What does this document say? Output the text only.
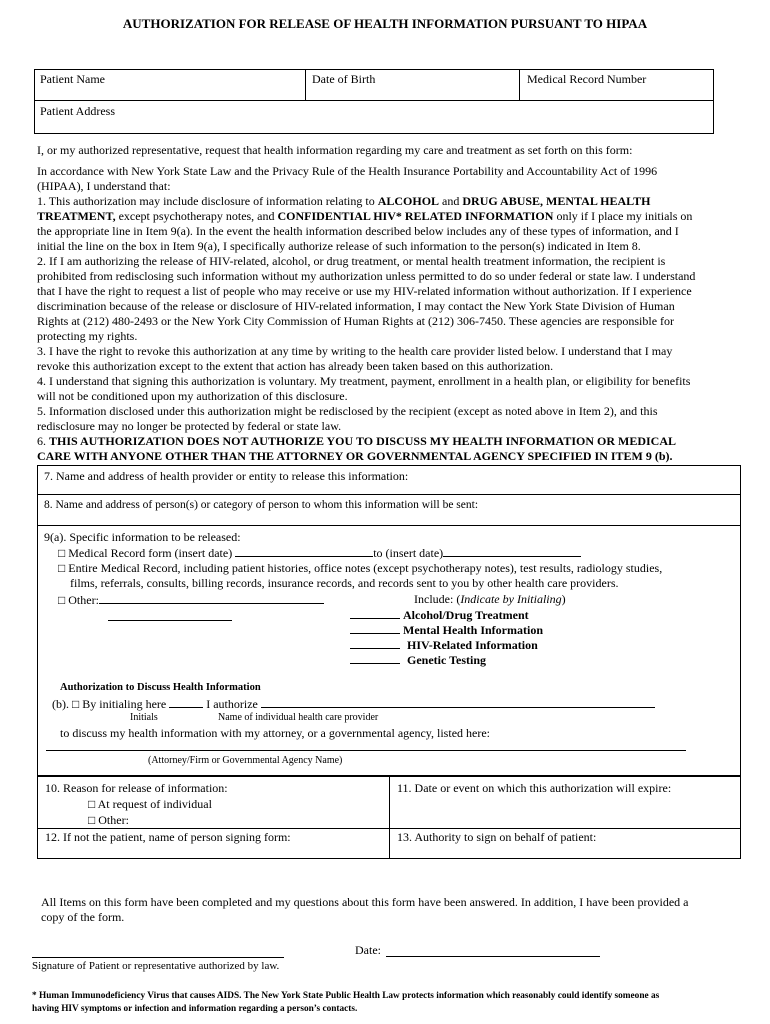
AUTHORIZATION FOR RELEASE OF HEALTH INFORMATION PURSUANT TO HIPAA
Patient Name	Date of Birth	Medical Record Number
Patient Address
I, or my authorized representative, request that health information regarding my care and treatment as set forth on this form:
In accordance with New York State Law and the Privacy Rule of the Health Insurance Portability and Accountability Act of 1996
(HIPAA), I understand that:
1. This authorization may include disclosure of information relating to ALCOHOL and DRUG ABUSE, MENTAL HEALTH
TREATMENT, except psychotherapy notes, and CONFIDENTIAL HIV* RELATED INFORMATION only if I place my initials on
the appropriate line in Item 9(a). In the event the health information described below includes any of these types of information, and I
initial the line on the box in Item 9(a), I specifically authorize release of such information to the person(s) indicated in Item 8.
2. If I am authorizing the release of HIV-related, alcohol, or drug treatment, or mental health treatment information, the recipient is
prohibited from redisclosing such information without my authorization unless permitted to do so under federal or state law. I understand
that I have the right to request a list of people who may receive or use my HIV-related information without authorization. If I experience
discrimination because of the release or disclosure of HIV-related information, I may contact the New York State Division of Human
Rights at (212) 480-2493 or the New York City Commission of Human Rights at (212) 306-7450. These agencies are responsible for
protecting my rights.
3. I have the right to revoke this authorization at any time by writing to the health care provider listed below. I understand that I may
revoke this authorization except to the extent that action has already been taken based on this authorization.
4. I understand that signing this authorization is voluntary. My treatment, payment, enrollment in a health plan, or eligibility for benefits
will not be conditioned upon my authorization of this disclosure.
5. Information disclosed under this authorization might be redisclosed by the recipient (except as noted above in Item 2), and this
redisclosure may no longer be protected by federal or state law.
6. THIS AUTHORIZATION DOES NOT AUTHORIZE YOU TO DISCUSS MY HEALTH INFORMATION OR MEDICAL
CARE WITH ANYONE OTHER THAN THE ATTORNEY OR GOVERNMENTAL AGENCY SPECIFIED IN ITEM 9 (b).
7. Name and address of health provider or entity to release this information:
8. Name and address of person(s) or category of person to whom this information will be sent:
9(a). Specific information to be released:
□ Medical Record form (insert date)	to (insert date)
□ Entire Medical Record, including patient histories, office notes (except psychotherapy notes), test results, radiology studies,
films, referrals, consults, billing records, insurance records, and records sent to you by other health care providers.
□ Other:	Include: (Indicate by Initialing)
Alcohol/Drug Treatment
Mental Health Information
HIV-Related Information
Genetic Testing
Authorization to Discuss Health Information
(b). □ By initialing here	I authorize
Initials	Name of individual health care provider
to discuss my health information with my attorney, or a governmental agency, listed here:
(Attorney/Firm or Governmental Agency Name)
10. Reason for release of information:
□ At request of individual
□ Other:
11. Date or event on which this authorization will expire:
12. If not the patient, name of person signing form:	13. Authority to sign on behalf of patient:
All Items on this form have been completed and my questions about this form have been answered. In addition, I have been provided a
copy of the form.
Signature of Patient or representative authorized by law.
Date:
* Human Immunodeficiency Virus that causes AIDS. The New York State Public Health Law protects information which reasonably could identify someone as
having HIV symptoms or infection and information regarding a person’s contacts.
